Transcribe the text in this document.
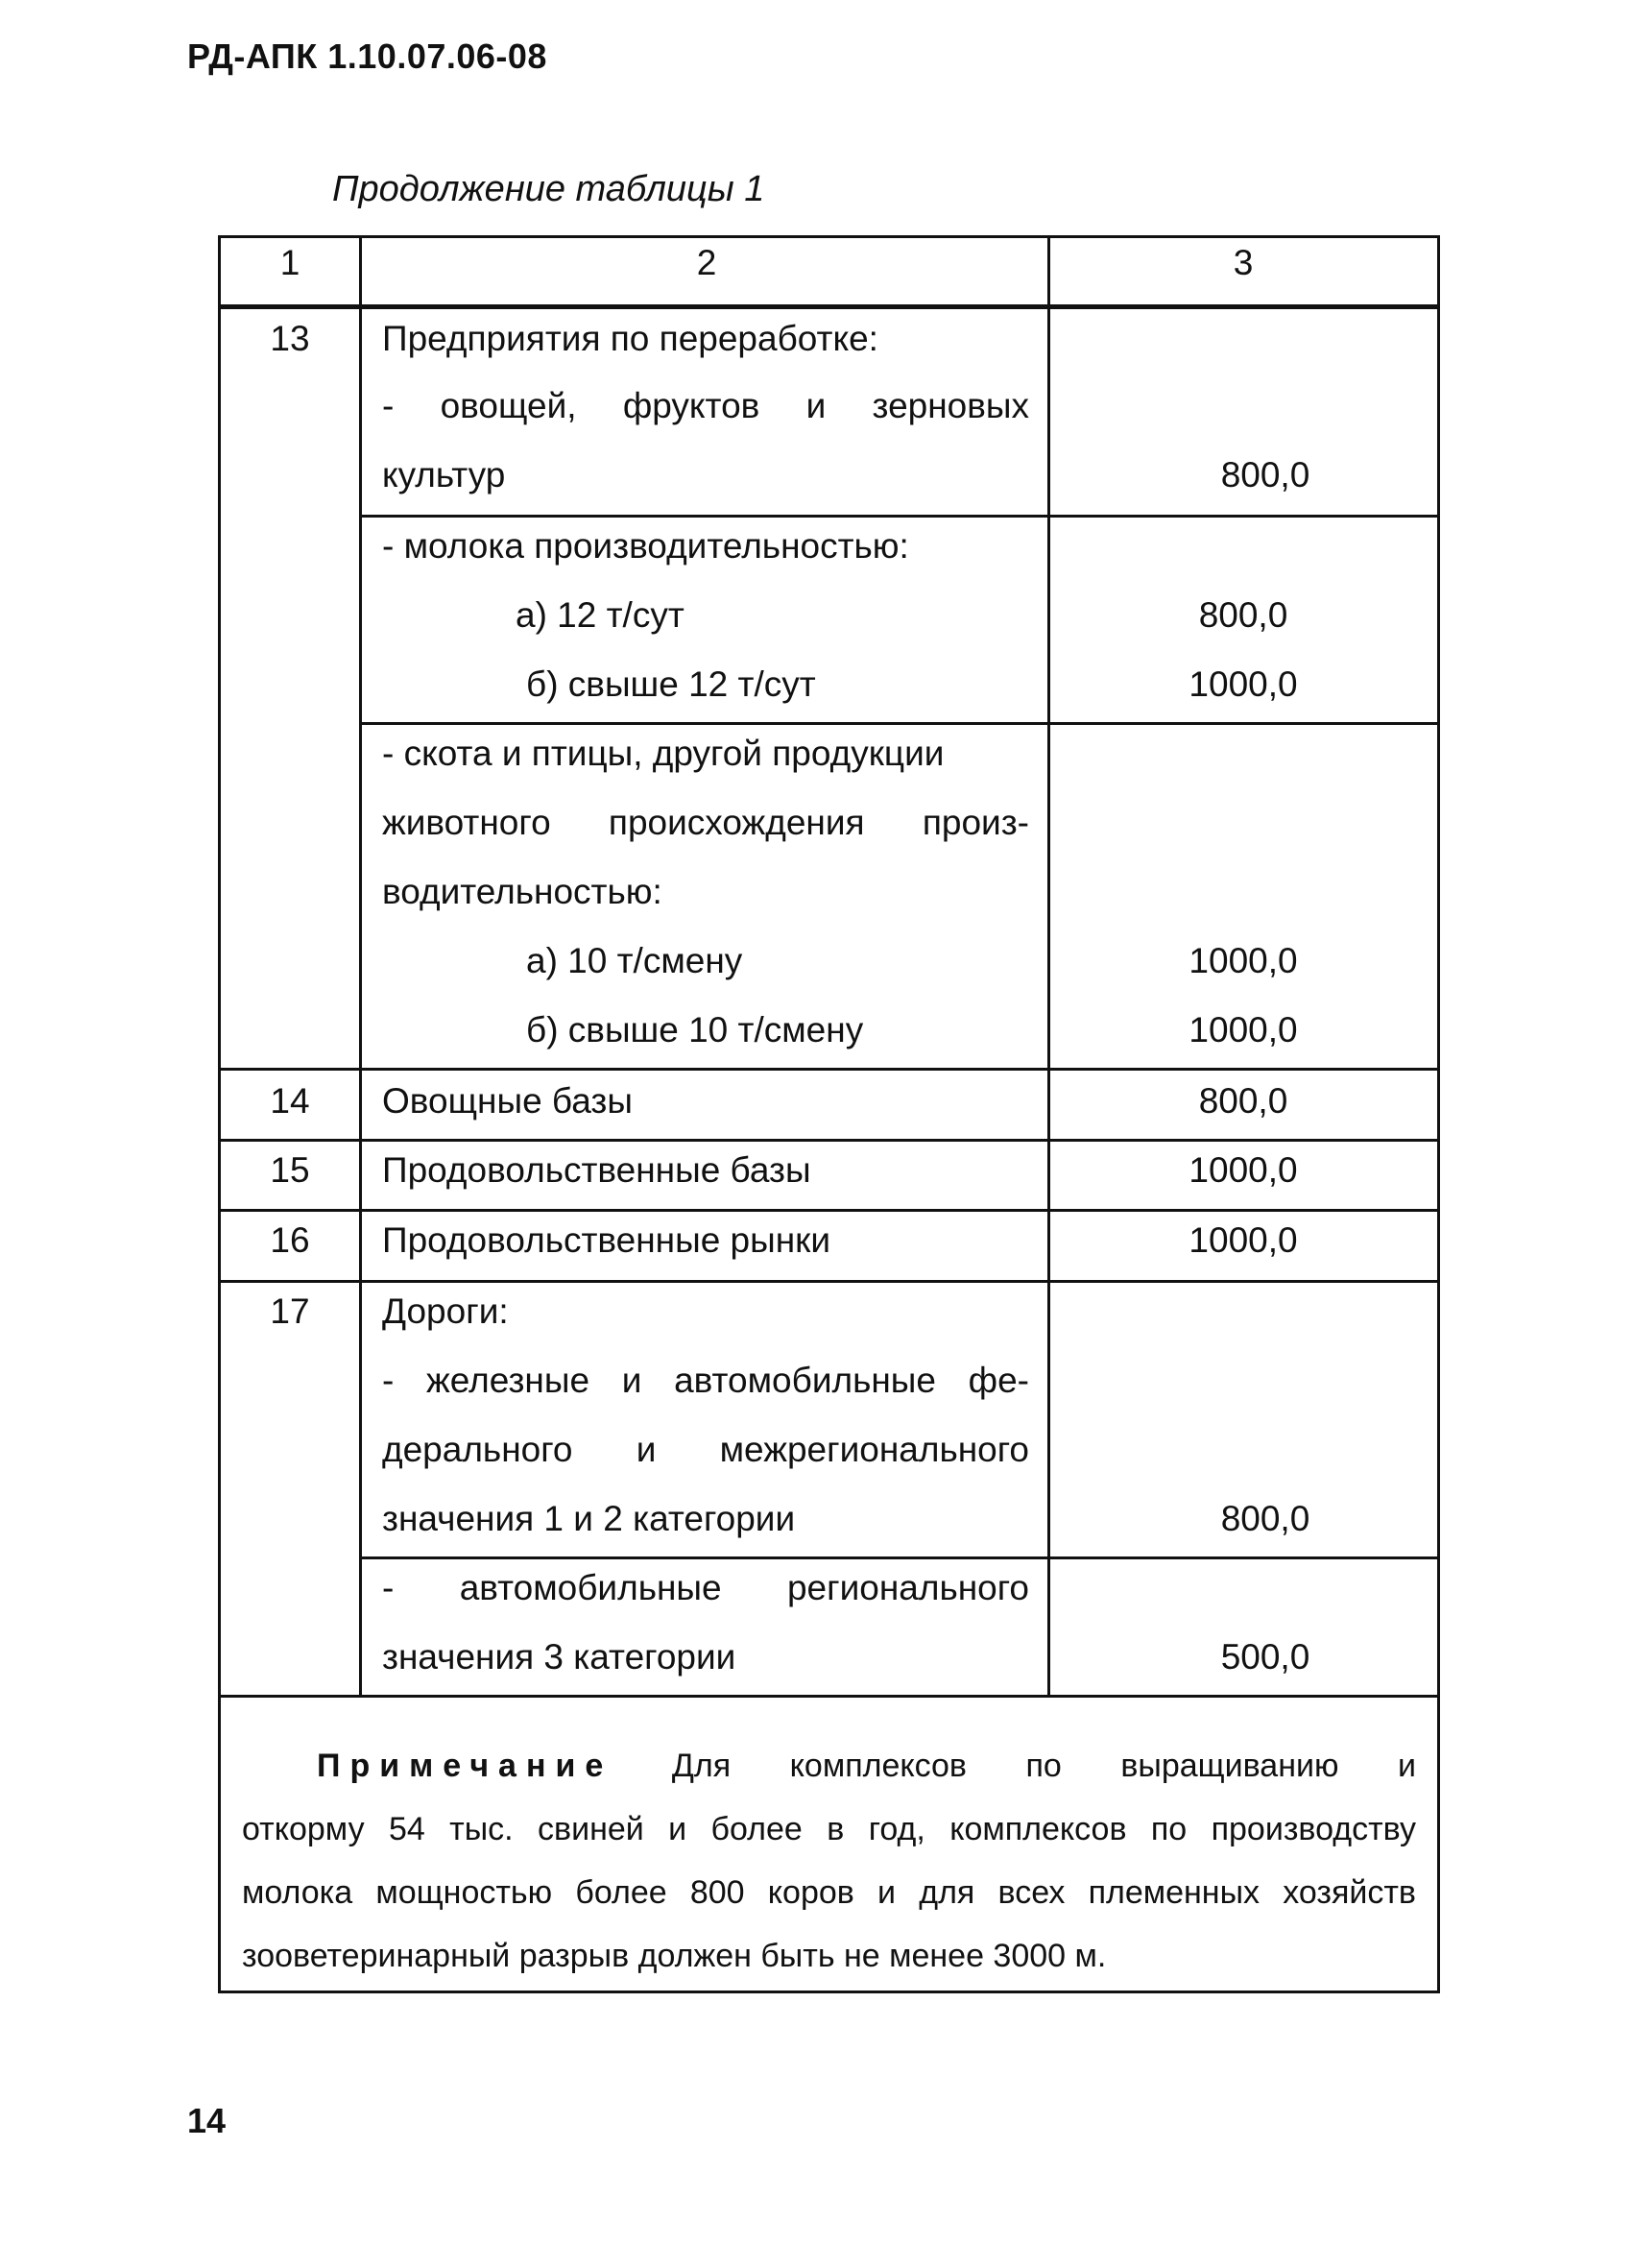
РД-АПК 1.10.07.06-08
Продолжение таблицы 1
1	2	3
13 Предприятия по переработке:
- овощей, фруктов и зерновых
культур	800,0
- молока производительностью:
а) 12 т/сут	800,0
б) свыше 12 т/сут	1000,0
- скота и птицы, другой продукции
животного происхождения произ-
водительностью:
а) 10 т/смену	1000,0
б) свыше 10 т/смену	1000,0
14 Овощные базы	800,0
15 Продовольственные базы	1000,0
16 Продовольственные рынки	1000,0
17 Дороги:
- железные и автомобильные фе-
дерального и межрегионального
значения 1 и 2 категории	800,0
- автомобильные регионального
значения 3 категории	500,0
Примечание Для комплексов по выращиванию и
откорму 54 тыс. свиней и более в год, комплексов по производству
молока мощностью более 800 коров и для всех племенных хозяйств
зооветеринарный разрыв должен быть не менее 3000 м.
14
